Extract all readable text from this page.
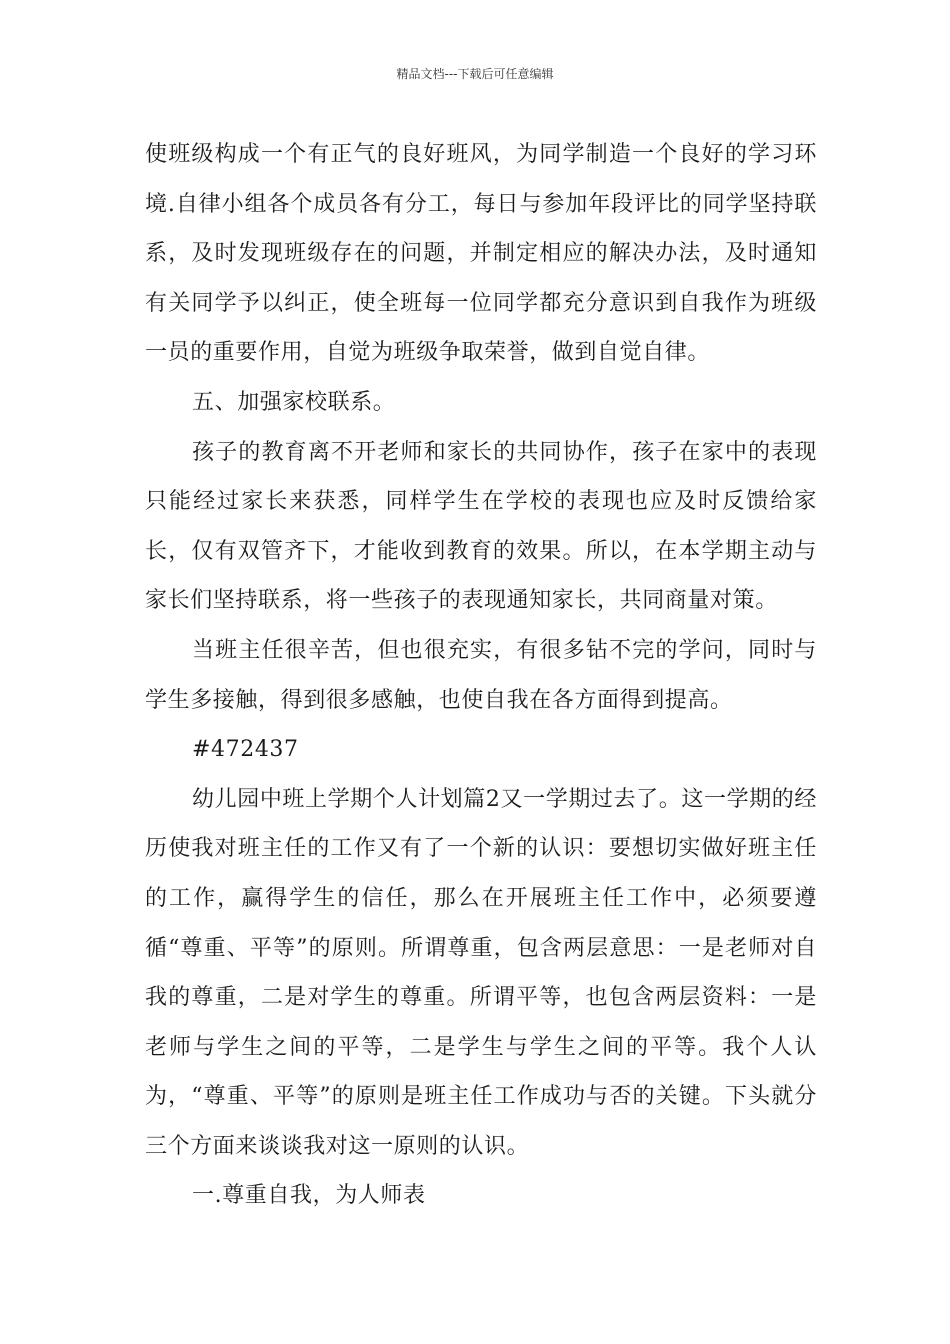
精品文档---下载后可任意编辑

使班级构成一个有正气的良好班风，为同学制造一个良好的学习环境.自律小组各个成员各有分工，每日与参加年段评比的同学坚持联系，及时发现班级存在的问题，并制定相应的解决办法，及时通知有关同学予以纠正，使全班每一位同学都充分意识到自我作为班级一员的重要作用，自觉为班级争取荣誉，做到自觉自律。

五、加强家校联系。

孩子的教育离不开老师和家长的共同协作，孩子在家中的表现只能经过家长来获悉，同样学生在学校的表现也应及时反馈给家长，仅有双管齐下，才能收到教育的效果。所以，在本学期主动与家长们坚持联系，将一些孩子的表现通知家长，共同商量对策。

当班主任很辛苦，但也很充实，有很多钻不完的学问，同时与学生多接触，得到很多感触，也使自我在各方面得到提高。

#472437

幼儿园中班上学期个人计划篇2又一学期过去了。这一学期的经历使我对班主任的工作又有了一个新的认识：要想切实做好班主任的工作，赢得学生的信任，那么在开展班主任工作中，必须要遵循“尊重、平等”的原则。所谓尊重，包含两层意思：一是老师对自我的尊重，二是对学生的尊重。所谓平等，也包含两层资料：一是老师与学生之间的平等，二是学生与学生之间的平等。我个人认为，“尊重、平等”的原则是班主任工作成功与否的关键。下头就分三个方面来谈谈我对这一原则的认识。

一.尊重自我，为人师表
